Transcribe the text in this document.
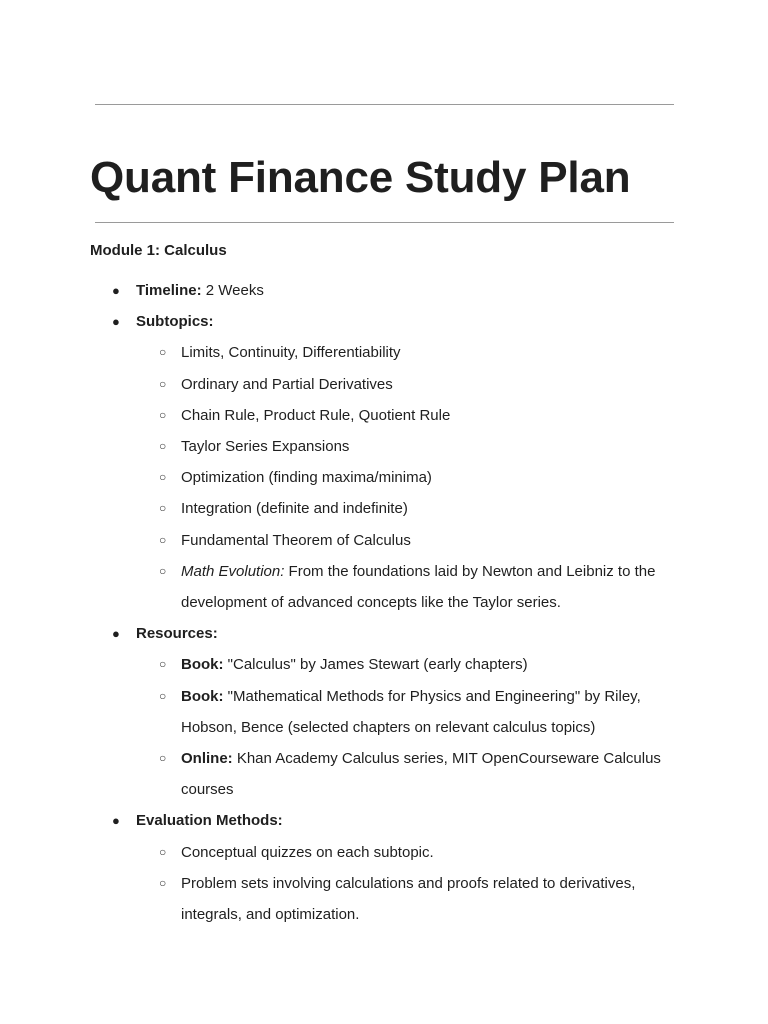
Quant Finance Study Plan
Module 1: Calculus
● Timeline: 2 Weeks
● Subtopics:
○ Limits, Continuity, Differentiability
○ Ordinary and Partial Derivatives
○ Chain Rule, Product Rule, Quotient Rule
○ Taylor Series Expansions
○ Optimization (finding maxima/minima)
○ Integration (definite and indefinite)
○ Fundamental Theorem of Calculus
○ Math Evolution: From the foundations laid by Newton and Leibniz to the development of advanced concepts like the Taylor series.
● Resources:
○ Book: "Calculus" by James Stewart (early chapters)
○ Book: "Mathematical Methods for Physics and Engineering" by Riley, Hobson, Bence (selected chapters on relevant calculus topics)
○ Online: Khan Academy Calculus series, MIT OpenCourseware Calculus courses
● Evaluation Methods:
○ Conceptual quizzes on each subtopic.
○ Problem sets involving calculations and proofs related to derivatives, integrals, and optimization.
